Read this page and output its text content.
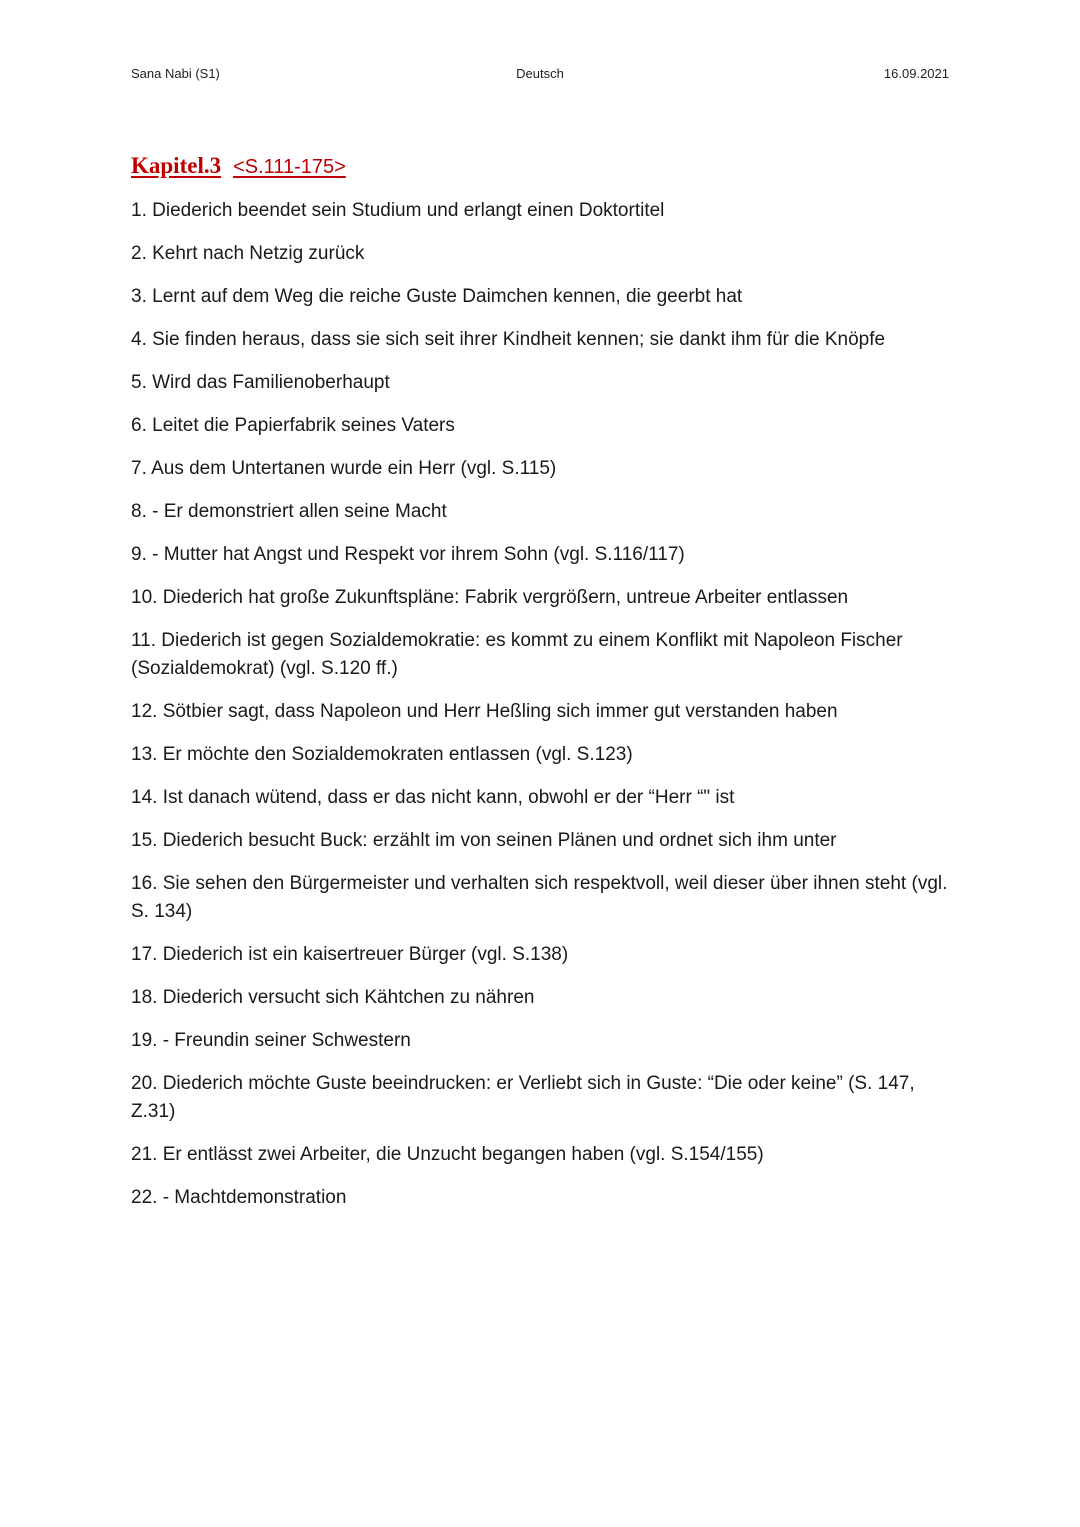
Sana Nabi (S1)	Deutsch	16.09.2021
Kapitel.3 <S.111-175>
1. Diederich beendet sein Studium und erlangt einen Doktortitel
2. Kehrt nach Netzig zurück
3. Lernt auf dem Weg die reiche Guste Daimchen kennen, die geerbt hat
4. Sie finden heraus, dass sie sich seit ihrer Kindheit kennen; sie dankt ihm für die Knöpfe
5. Wird das Familienoberhaupt
6. Leitet die Papierfabrik seines Vaters
7. Aus dem Untertanen wurde ein Herr (vgl. S.115)
8. - Er demonstriert allen seine Macht
9. - Mutter hat Angst und Respekt vor ihrem Sohn (vgl. S.116/117)
10. Diederich hat große Zukunftspläne: Fabrik vergrößern, untreue Arbeiter entlassen
11. Diederich ist gegen Sozialdemokratie: es kommt zu einem Konflikt mit Napoleon Fischer (Sozialdemokrat) (vgl. S.120 ff.)
12. Sötbier sagt, dass Napoleon und Herr Heßling sich immer gut verstanden haben
13. Er möchte den Sozialdemokraten entlassen (vgl. S.123)
14. Ist danach wütend, dass er das nicht kann, obwohl er der “Herr “" ist
15. Diederich besucht Buck: erzählt im von seinen Plänen und ordnet sich ihm unter
16. Sie sehen den Bürgermeister und verhalten sich respektvoll, weil dieser über ihnen steht (vgl. S. 134)
17. Diederich ist ein kaisertreuer Bürger (vgl. S.138)
18. Diederich versucht sich Kähtchen zu nähren
19. - Freundin seiner Schwestern
20. Diederich möchte Guste beeindrucken: er Verliebt sich in Guste: “Die oder keine” (S. 147, Z.31)
21. Er entlässt zwei Arbeiter, die Unzucht begangen haben (vgl. S.154/155)
22. - Machtdemonstration
